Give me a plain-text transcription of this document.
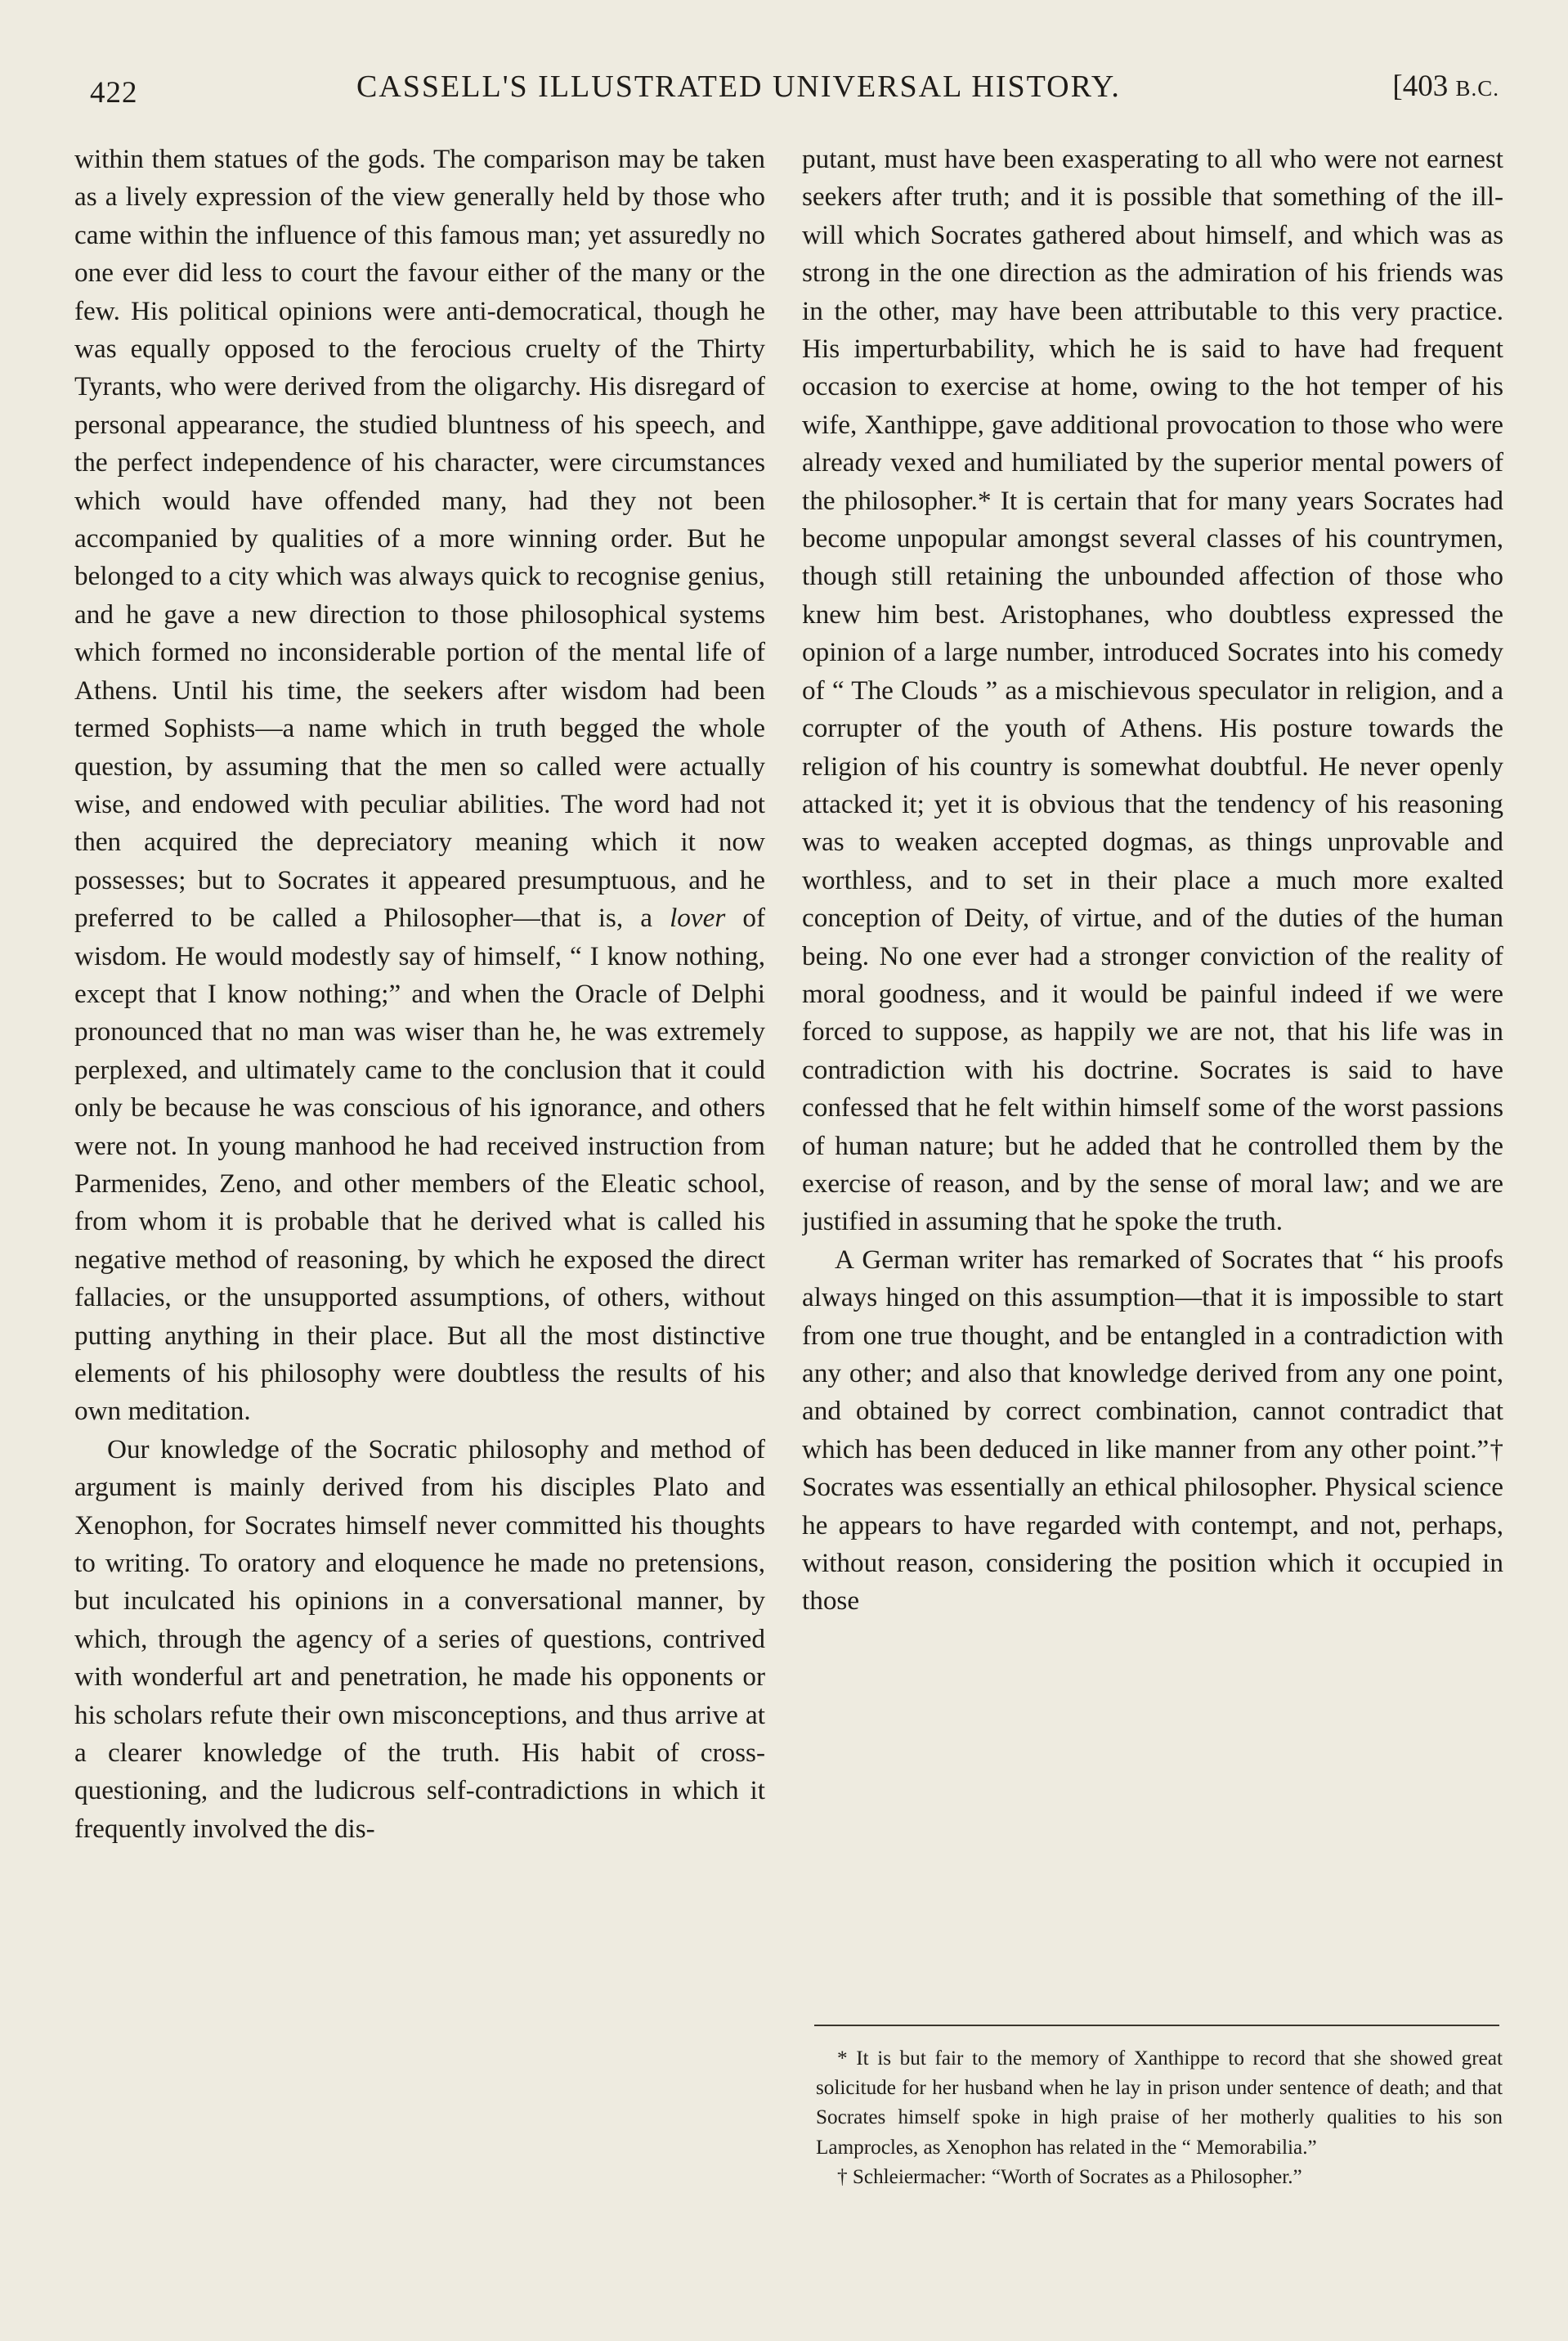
422	CASSELL'S ILLUSTRATED UNIVERSAL HISTORY.	[403 B.C.

within them statues of the gods. The comparison may be taken as a lively expression of the view generally held by those who came within the influence of this famous man; yet assuredly no one ever did less to court the favour either of the many or the few. His political opinions were anti-democratical, though he was equally opposed to the ferocious cruelty of the Thirty Tyrants, who were derived from the oligarchy. His disregard of personal appearance, the studied bluntness of his speech, and the perfect independence of his character, were circumstances which would have offended many, had they not been accompanied by qualities of a more winning order. But he belonged to a city which was always quick to recognise genius, and he gave a new direction to those philosophical systems which formed no inconsiderable portion of the mental life of Athens. Until his time, the seekers after wisdom had been termed Sophists—a name which in truth begged the whole question, by assuming that the men so called were actually wise, and endowed with peculiar abilities. The word had not then acquired the depreciatory meaning which it now possesses; but to Socrates it appeared presumptuous, and he preferred to be called a Philosopher—that is, a lover of wisdom. He would modestly say of himself, “ I know nothing, except that I know nothing;” and when the Oracle of Delphi pronounced that no man was wiser than he, he was extremely perplexed, and ultimately came to the conclusion that it could only be because he was conscious of his ignorance, and others were not. In young manhood he had received instruction from Parmenides, Zeno, and other members of the Eleatic school, from whom it is probable that he derived what is called his negative method of reasoning, by which he exposed the direct fallacies, or the unsupported assumptions, of others, without putting anything in their place. But all the most distinctive elements of his philosophy were doubtless the results of his own meditation.

Our knowledge of the Socratic philosophy and method of argument is mainly derived from his disciples Plato and Xenophon, for Socrates himself never committed his thoughts to writing. To oratory and eloquence he made no pretensions, but inculcated his opinions in a conversational manner, by which, through the agency of a series of questions, contrived with wonderful art and penetration, he made his opponents or his scholars refute their own misconceptions, and thus arrive at a clearer knowledge of the truth. His habit of cross-questioning, and the ludicrous self-contradictions in which it frequently involved the dis-

putant, must have been exasperating to all who were not earnest seekers after truth; and it is possible that something of the ill-will which Socrates gathered about himself, and which was as strong in the one direction as the admiration of his friends was in the other, may have been attributable to this very practice. His imperturbability, which he is said to have had frequent occasion to exercise at home, owing to the hot temper of his wife, Xanthippe, gave additional provocation to those who were already vexed and humiliated by the superior mental powers of the philosopher.* It is certain that for many years Socrates had become unpopular amongst several classes of his countrymen, though still retaining the unbounded affection of those who knew him best. Aristophanes, who doubtless expressed the opinion of a large number, introduced Socrates into his comedy of “ The Clouds ” as a mischievous speculator in religion, and a corrupter of the youth of Athens. His posture towards the religion of his country is somewhat doubtful. He never openly attacked it; yet it is obvious that the tendency of his reasoning was to weaken accepted dogmas, as things unprovable and worthless, and to set in their place a much more exalted conception of Deity, of virtue, and of the duties of the human being. No one ever had a stronger conviction of the reality of moral goodness, and it would be painful indeed if we were forced to suppose, as happily we are not, that his life was in contradiction with his doctrine. Socrates is said to have confessed that he felt within himself some of the worst passions of human nature; but he added that he controlled them by the exercise of reason, and by the sense of moral law; and we are justified in assuming that he spoke the truth.

A German writer has remarked of Socrates that “ his proofs always hinged on this assumption—that it is impossible to start from one true thought, and be entangled in a contradiction with any other; and also that knowledge derived from any one point, and obtained by correct combination, cannot contradict that which has been deduced in like manner from any other point.”† Socrates was essentially an ethical philosopher. Physical science he appears to have regarded with contempt, and not, perhaps, without reason, considering the position which it occupied in those

* It is but fair to the memory of Xanthippe to record that she showed great solicitude for her husband when he lay in prison under sentence of death; and that Socrates himself spoke in high praise of her motherly qualities to his son Lamprocles, as Xenophon has related in the “ Memorabilia.”

† Schleiermacher: “Worth of Socrates as a Philosopher.”
